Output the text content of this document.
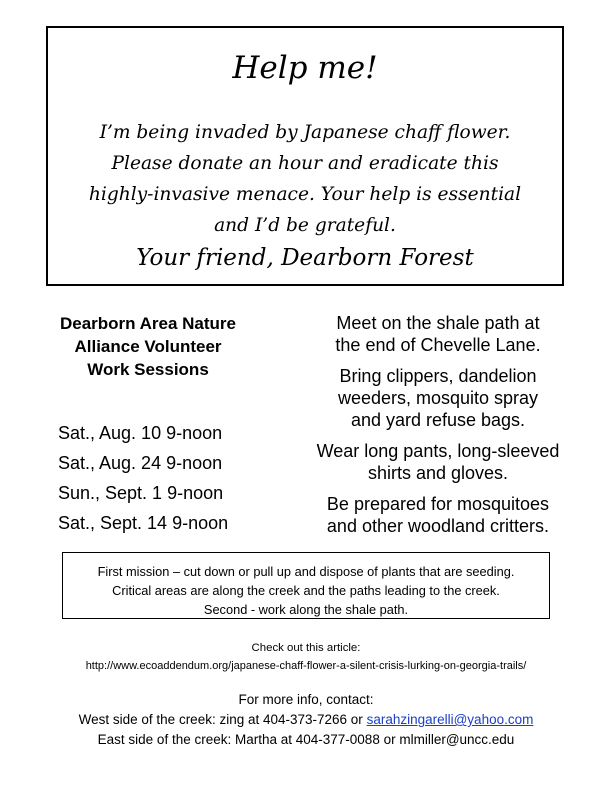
Help me!
I’m being invaded by Japanese chaff flower.
Please donate an hour and eradicate this
highly-invasive menace. Your help is essential
and I’d be grateful.
Your friend, Dearborn Forest
Dearborn Area Nature
Alliance Volunteer
Work Sessions
Sat., Aug. 10 9-noon
Sat., Aug. 24 9-noon
Sun., Sept. 1 9-noon
Sat., Sept. 14 9-noon
Meet on the shale path at
the end of Chevelle Lane.
Bring clippers, dandelion
weeders, mosquito spray
and yard refuse bags.
Wear long pants, long-sleeved
shirts and gloves.
Be prepared for mosquitoes
and other woodland critters.
First mission – cut down or pull up and dispose of plants that are seeding.
Critical areas are along the creek and the paths leading to the creek.
Second - work along the shale path.
Check out this article:
http://www.ecoaddendum.org/japanese-chaff-flower-a-silent-crisis-lurking-on-georgia-trails/
For more info, contact:
West side of the creek: zing at 404-373-7266 or sarahzingarelli@yahoo.com
East side of the creek: Martha at 404-377-0088 or mlmiller@uncc.edu
